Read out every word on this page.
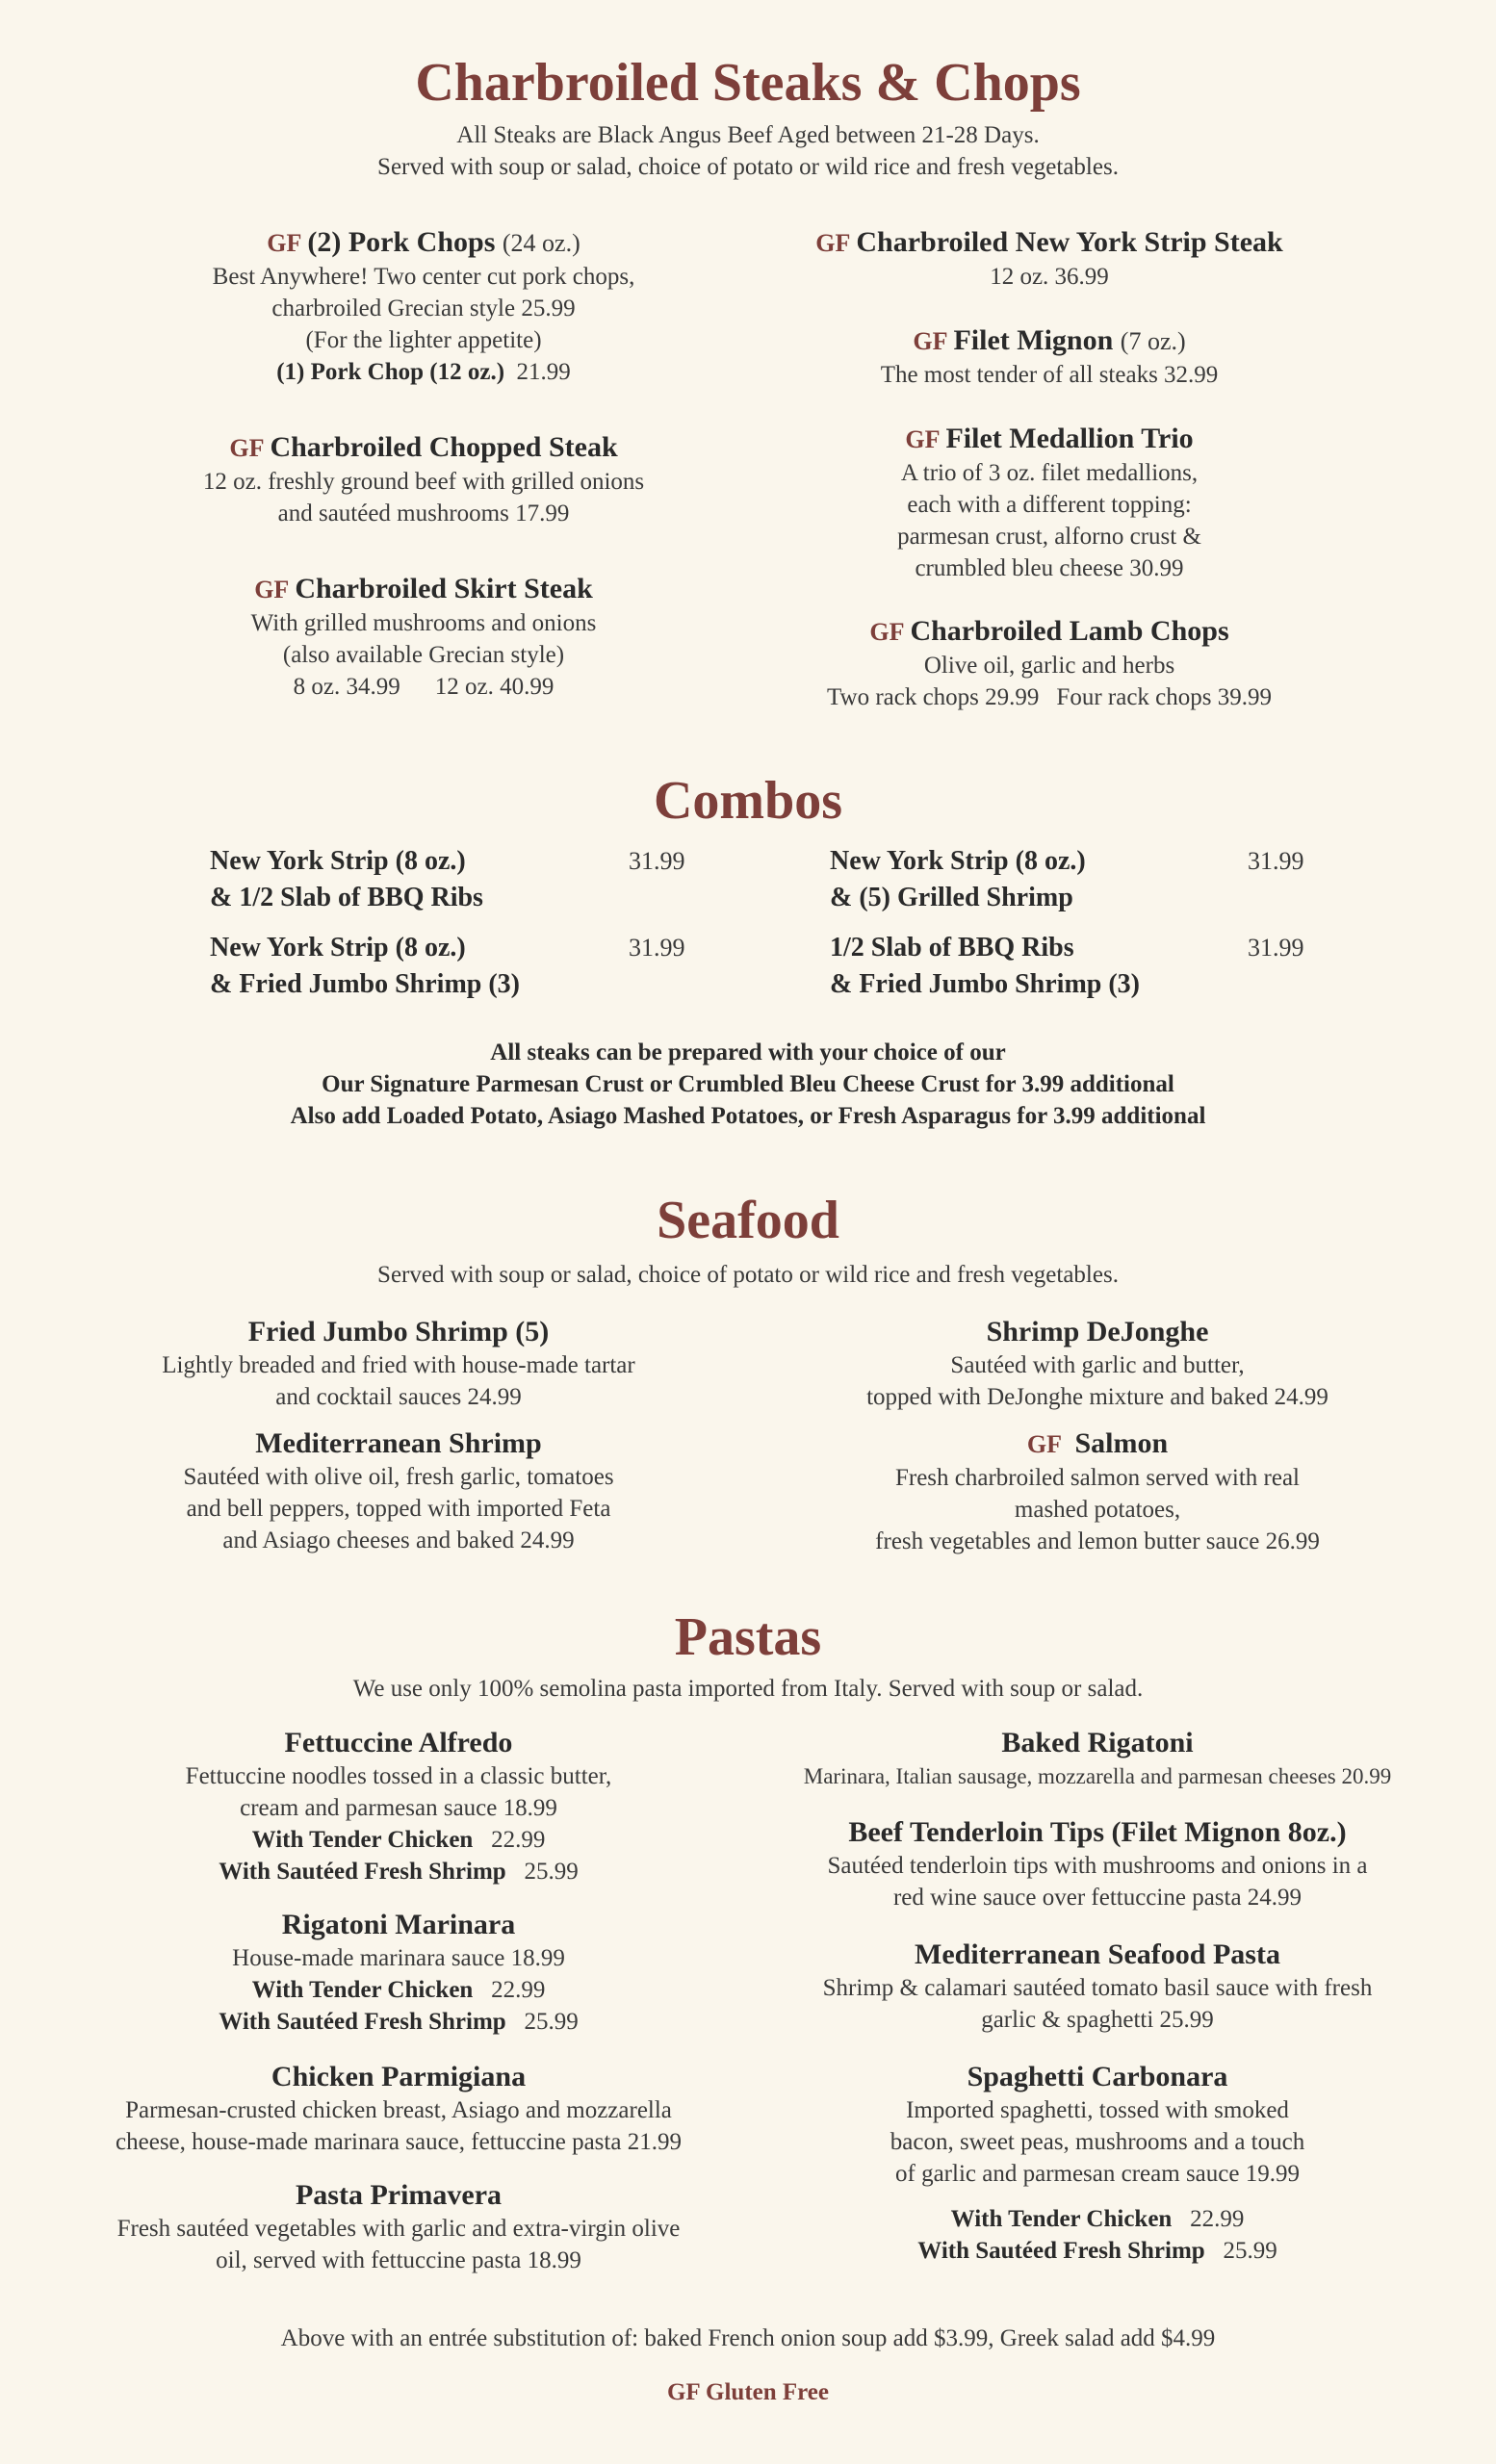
Charbroiled Steaks & Chops
All Steaks are Black Angus Beef Aged between 21-28 Days.
Served with soup or salad, choice of potato or wild rice and fresh vegetables.
GF (2) Pork Chops (24 oz.)
Best Anywhere! Two center cut pork chops,
charbroiled Grecian style 25.99
(For the lighter appetite)
(1) Pork Chop (12 oz.) 21.99
GF Charbroiled Chopped Steak
12 oz. freshly ground beef with grilled onions
and sautéed mushrooms 17.99
GF Charbroiled Skirt Steak
With grilled mushrooms and onions
(also available Grecian style)
8 oz. 34.99 12 oz. 40.99
GF Charbroiled New York Strip Steak
12 oz. 36.99
GF Filet Mignon (7 oz.)
The most tender of all steaks 32.99
GF Filet Medallion Trio
A trio of 3 oz. filet medallions,
each with a different topping:
parmesan crust, alforno crust &
crumbled bleu cheese 30.99
GF Charbroiled Lamb Chops
Olive oil, garlic and herbs
Two rack chops 29.99 Four rack chops 39.99
Combos
New York Strip (8 oz.)
& 1/2 Slab of BBQ Ribs
31.99	New York Strip (8 oz.)
& (5) Grilled Shrimp
31.99
New York Strip (8 oz.)
& Fried Jumbo Shrimp (3)
31.99	1/2 Slab of BBQ Ribs
& Fried Jumbo Shrimp (3)
31.99
All steaks can be prepared with your choice of our
Our Signature Parmesan Crust or Crumbled Bleu Cheese Crust for 3.99 additional
Also add Loaded Potato, Asiago Mashed Potatoes, or Fresh Asparagus for 3.99 additional
Seafood
Served with soup or salad, choice of potato or wild rice and fresh vegetables.
Fried Jumbo Shrimp (5)
Lightly breaded and fried with house-made tartar
and cocktail sauces 24.99
Mediterranean Shrimp
Sautéed with olive oil, fresh garlic, tomatoes
and bell peppers, topped with imported Feta
and Asiago cheeses and baked 24.99
Shrimp DeJonghe
Sautéed with garlic and butter,
topped with DeJonghe mixture and baked 24.99
GF Salmon
Fresh charbroiled salmon served with real
mashed potatoes,
fresh vegetables and lemon butter sauce 26.99
Pastas
We use only 100% semolina pasta imported from Italy. Served with soup or salad.
Fettuccine Alfredo
Fettuccine noodles tossed in a classic butter,
cream and parmesan sauce 18.99
With Tender Chicken 22.99
With Sautéed Fresh Shrimp 25.99
Rigatoni Marinara
House-made marinara sauce 18.99
With Tender Chicken 22.99
With Sautéed Fresh Shrimp 25.99
Chicken Parmigiana
Parmesan-crusted chicken breast, Asiago and mozzarella
cheese, house-made marinara sauce, fettuccine pasta 21.99
Pasta Primavera
Fresh sautéed vegetables with garlic and extra-virgin olive
oil, served with fettuccine pasta 18.99
Baked Rigatoni
Marinara, Italian sausage, mozzarella and parmesan cheeses 20.99
Beef Tenderloin Tips (Filet Mignon 8oz.)
Sautéed tenderloin tips with mushrooms and onions in a
red wine sauce over fettuccine pasta 24.99
Mediterranean Seafood Pasta
Shrimp & calamari sautéed tomato basil sauce with fresh
garlic & spaghetti 25.99
Spaghetti Carbonara
Imported spaghetti, tossed with smoked
bacon, sweet peas, mushrooms and a touch
of garlic and parmesan cream sauce 19.99
With Tender Chicken 22.99
With Sautéed Fresh Shrimp 25.99
Above with an entrée substitution of: baked French onion soup add $3.99, Greek salad add $4.99
GF Gluten Free
